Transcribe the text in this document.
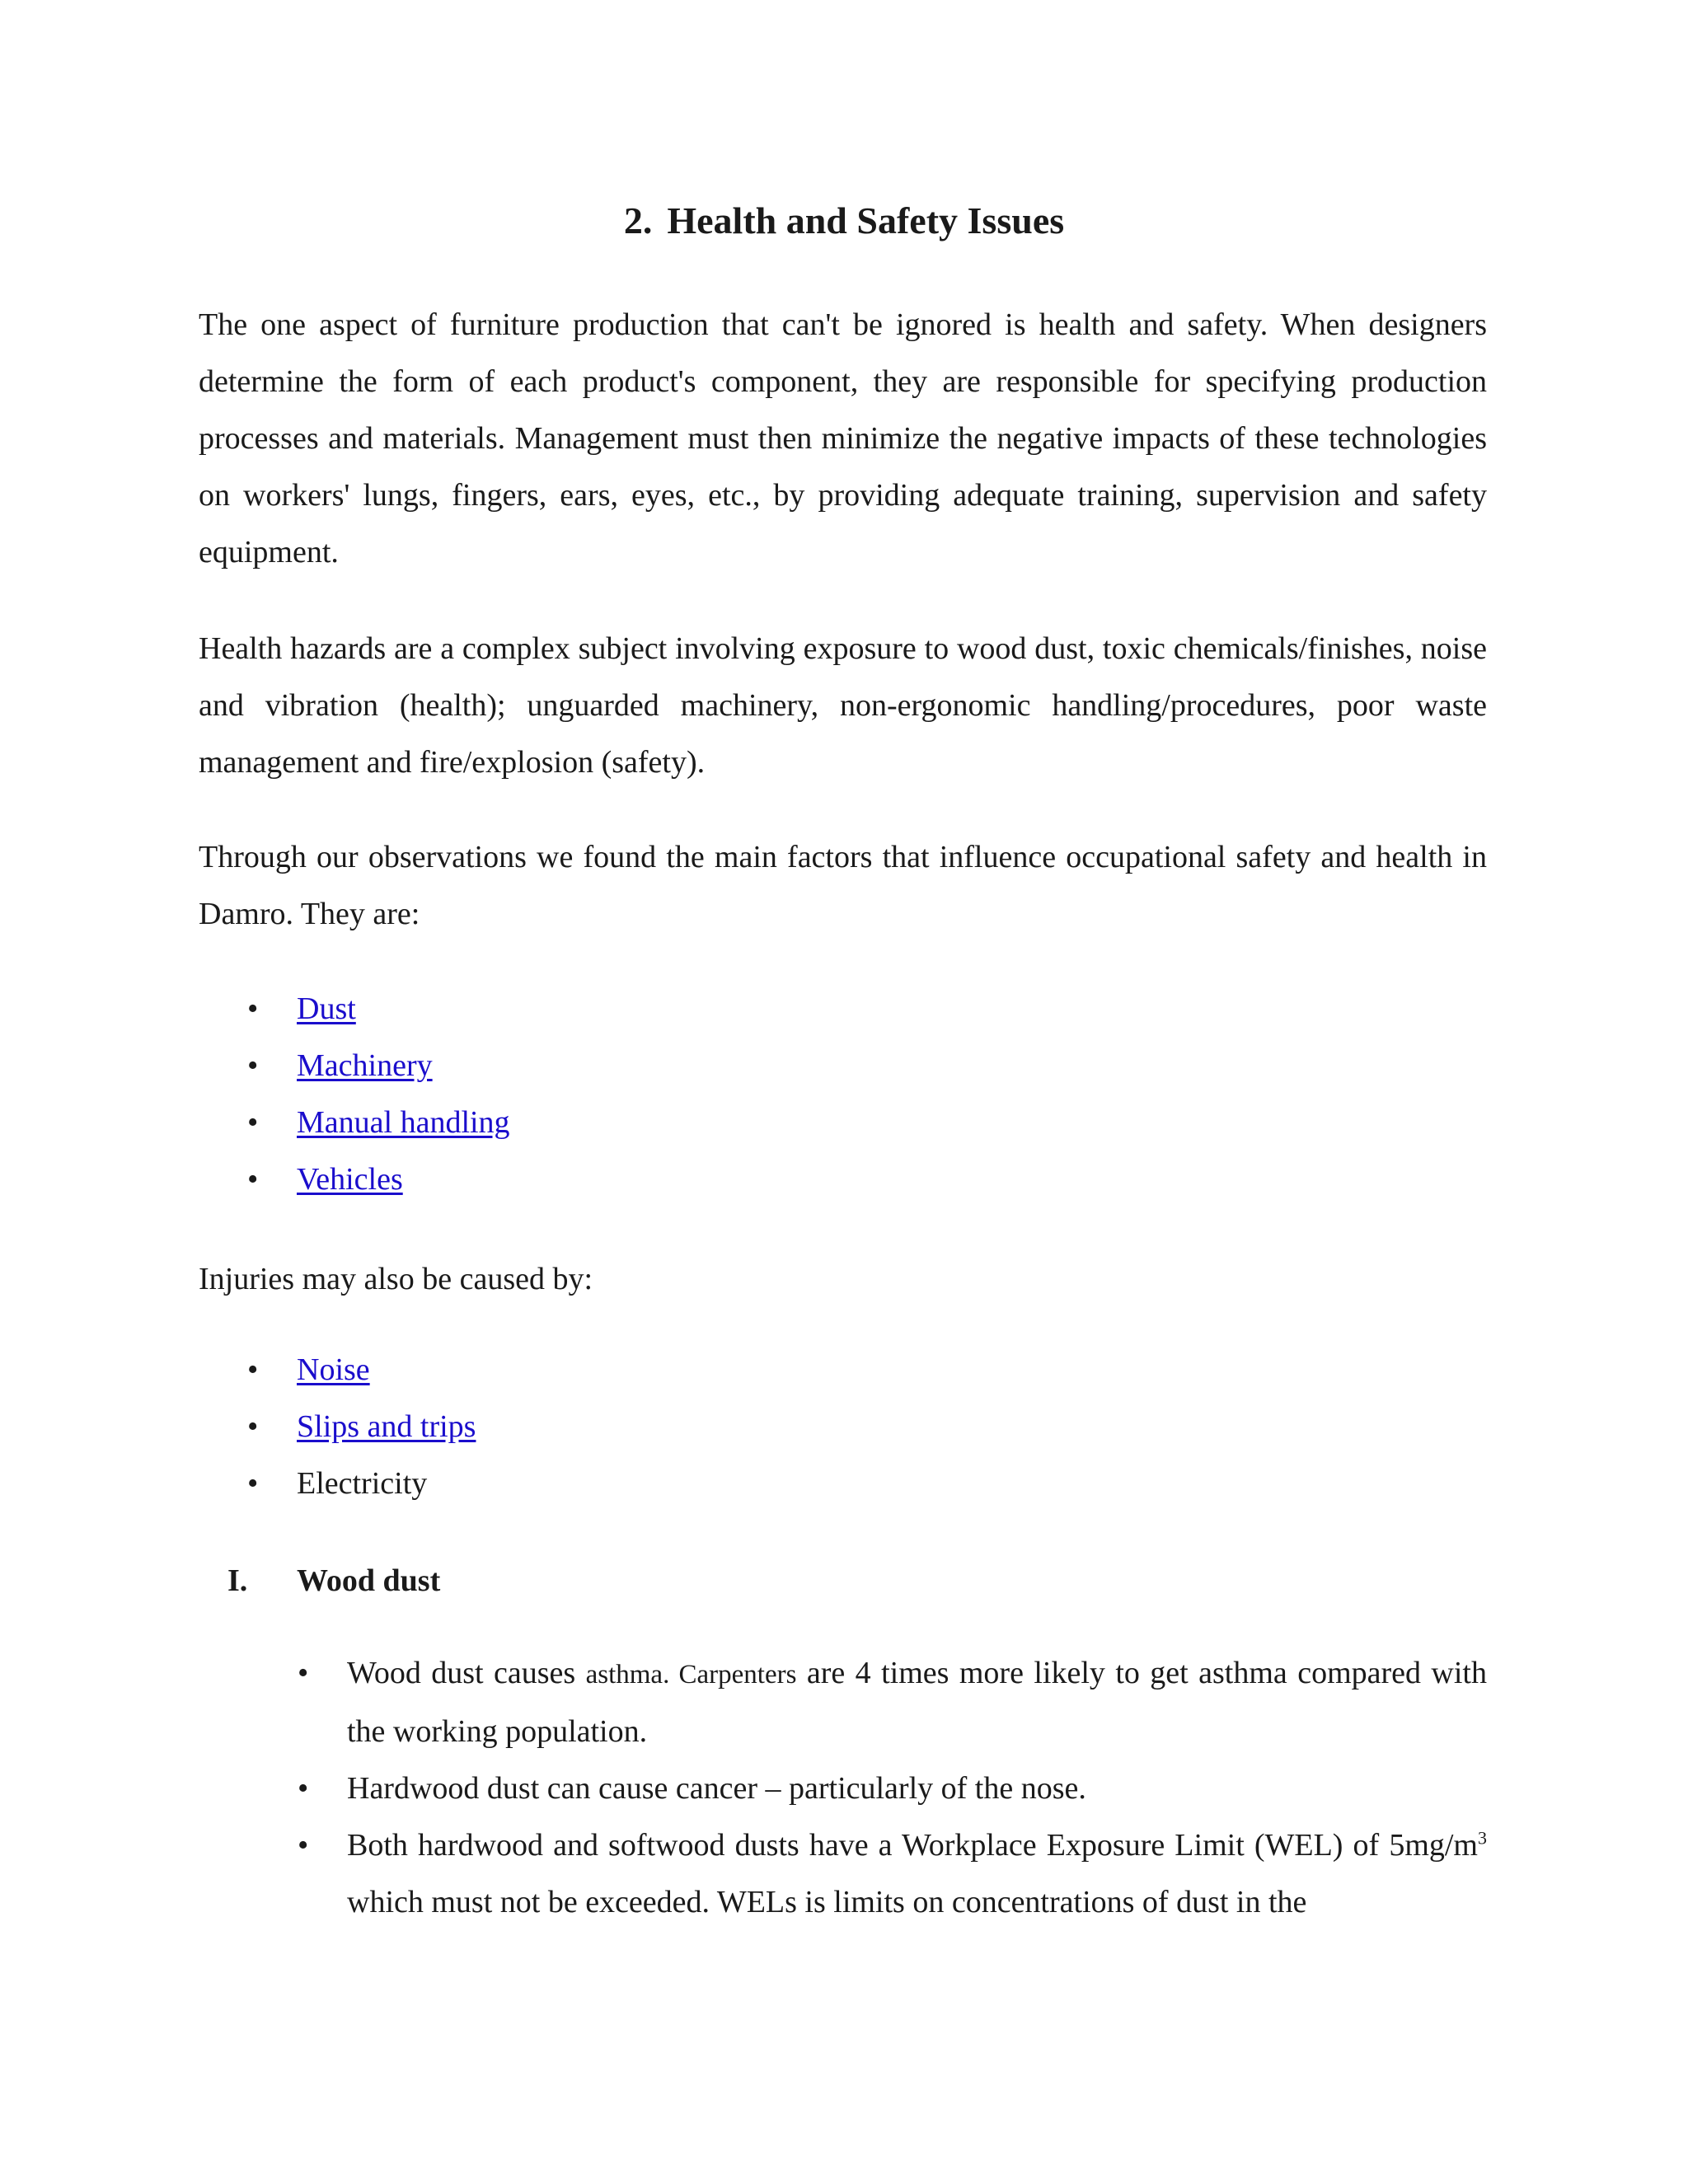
2. Health and Safety Issues

The one aspect of furniture production that can't be ignored is health and safety. When designers determine the form of each product's component, they are responsible for specifying production processes and materials. Management must then minimize the negative impacts of these technologies on workers' lungs, fingers, ears, eyes, etc., by providing adequate training, supervision and safety equipment.

Health hazards are a complex subject involving exposure to wood dust, toxic chemicals/finishes, noise and vibration (health); unguarded machinery, non-ergonomic handling/procedures, poor waste management and fire/explosion (safety).

Through our observations we found the main factors that influence occupational safety and health in Damro. They are:

• Dust
• Machinery
• Manual handling
• Vehicles

Injuries may also be caused by:

• Noise
• Slips and trips
• Electricity
I. Wood dust
• Wood dust causes asthma. Carpenters are 4 times more likely to get asthma compared with the working population.
• Hardwood dust can cause cancer – particularly of the nose.
• Both hardwood and softwood dusts have a Workplace Exposure Limit (WEL) of $5mg/m^3$ which must not be exceeded. WELs is limits on concentrations of dust in the
